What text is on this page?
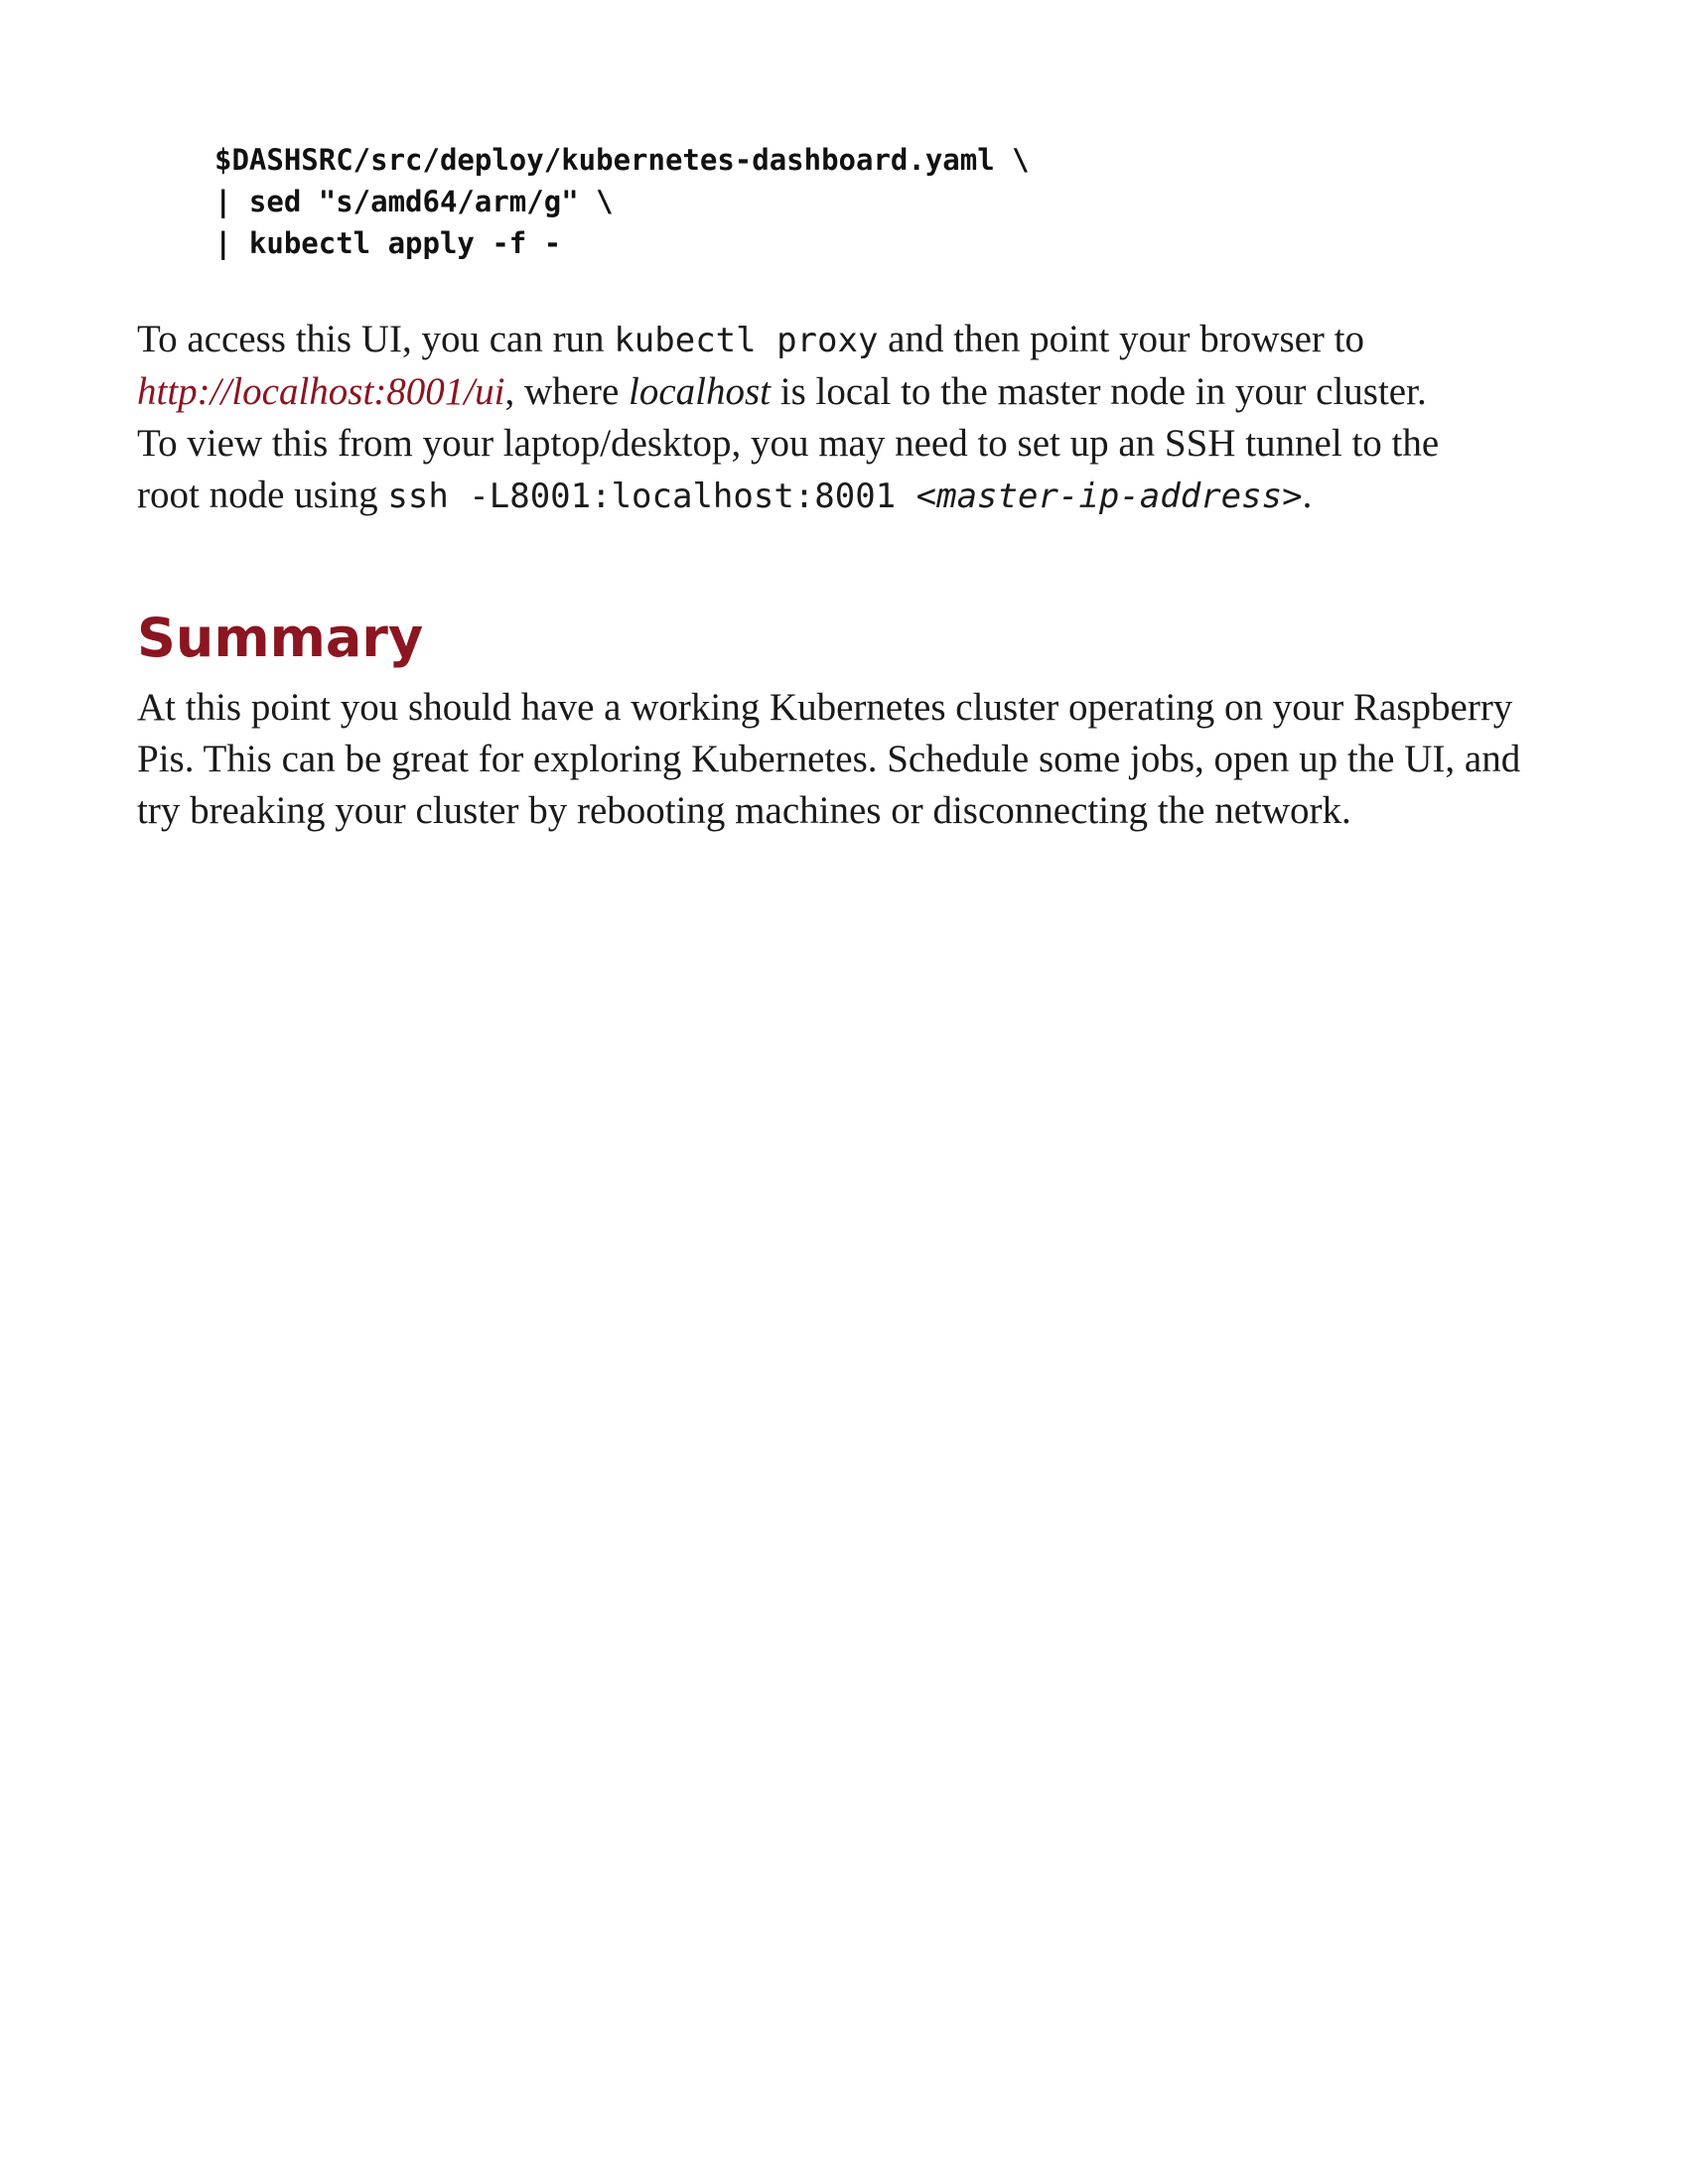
$DASHSRC/src/deploy/kubernetes-dashboard.yaml \
| sed "s/amd64/arm/g" \
| kubectl apply -f -

To access this UI, you can run kubectl proxy and then point your browser to
http://localhost:8001/ui, where localhost is local to the master node in your cluster.
To view this from your laptop/desktop, you may need to set up an SSH tunnel to the
root node using ssh -L8001:localhost:8001 <master-ip-address>.

Summary

At this point you should have a working Kubernetes cluster operating on your Raspberry Pis. This can be great for exploring Kubernetes. Schedule some jobs, open up the UI, and try breaking your cluster by rebooting machines or disconnecting the network.
